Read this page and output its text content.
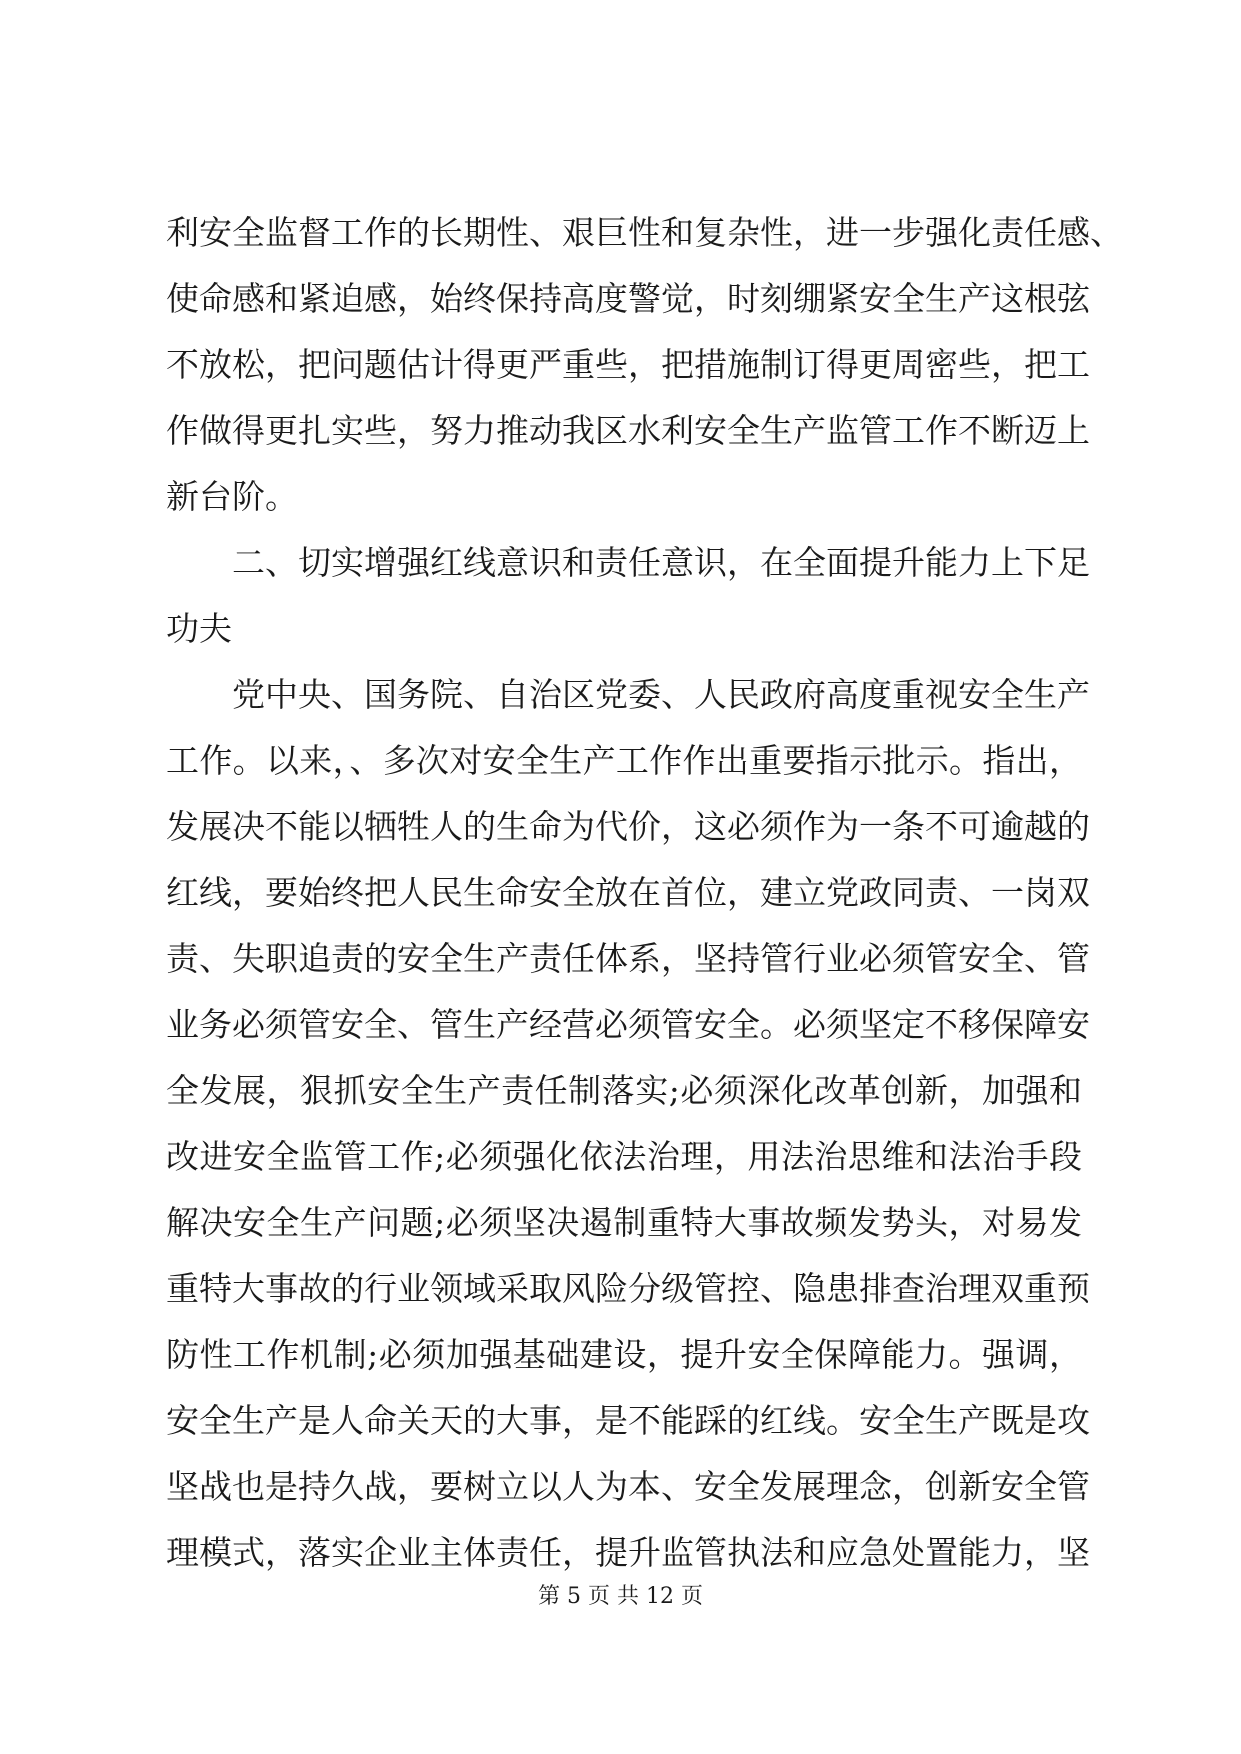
利安全监督工作的长期性、艰巨性和复杂性，进一步强化责任感、
使命感和紧迫感，始终保持高度警觉，时刻绷紧安全生产这根弦
不放松，把问题估计得更严重些，把措施制订得更周密些，把工
作做得更扎实些，努力推动我区水利安全生产监管工作不断迈上
新台阶。
　　二、切实增强红线意识和责任意识，在全面提升能力上下足
功夫
　　党中央、国务院、自治区党委、人民政府高度重视安全生产
工作。以来，、多次对安全生产工作作出重要指示批示。指出，
发展决不能以牺牲人的生命为代价，这必须作为一条不可逾越的
红线，要始终把人民生命安全放在首位，建立党政同责、一岗双
责、失职追责的安全生产责任体系，坚持管行业必须管安全、管
业务必须管安全、管生产经营必须管安全。必须坚定不移保障安
全发展，狠抓安全生产责任制落实;必须深化改革创新，加强和
改进安全监管工作;必须强化依法治理，用法治思维和法治手段
解决安全生产问题;必须坚决遏制重特大事故频发势头，对易发
重特大事故的行业领域采取风险分级管控、隐患排查治理双重预
防性工作机制;必须加强基础建设，提升安全保障能力。强调，
安全生产是人命关天的大事，是不能踩的红线。安全生产既是攻
坚战也是持久战，要树立以人为本、安全发展理念，创新安全管
理模式，落实企业主体责任，提升监管执法和应急处置能力，坚
第 5 页 共 12 页
